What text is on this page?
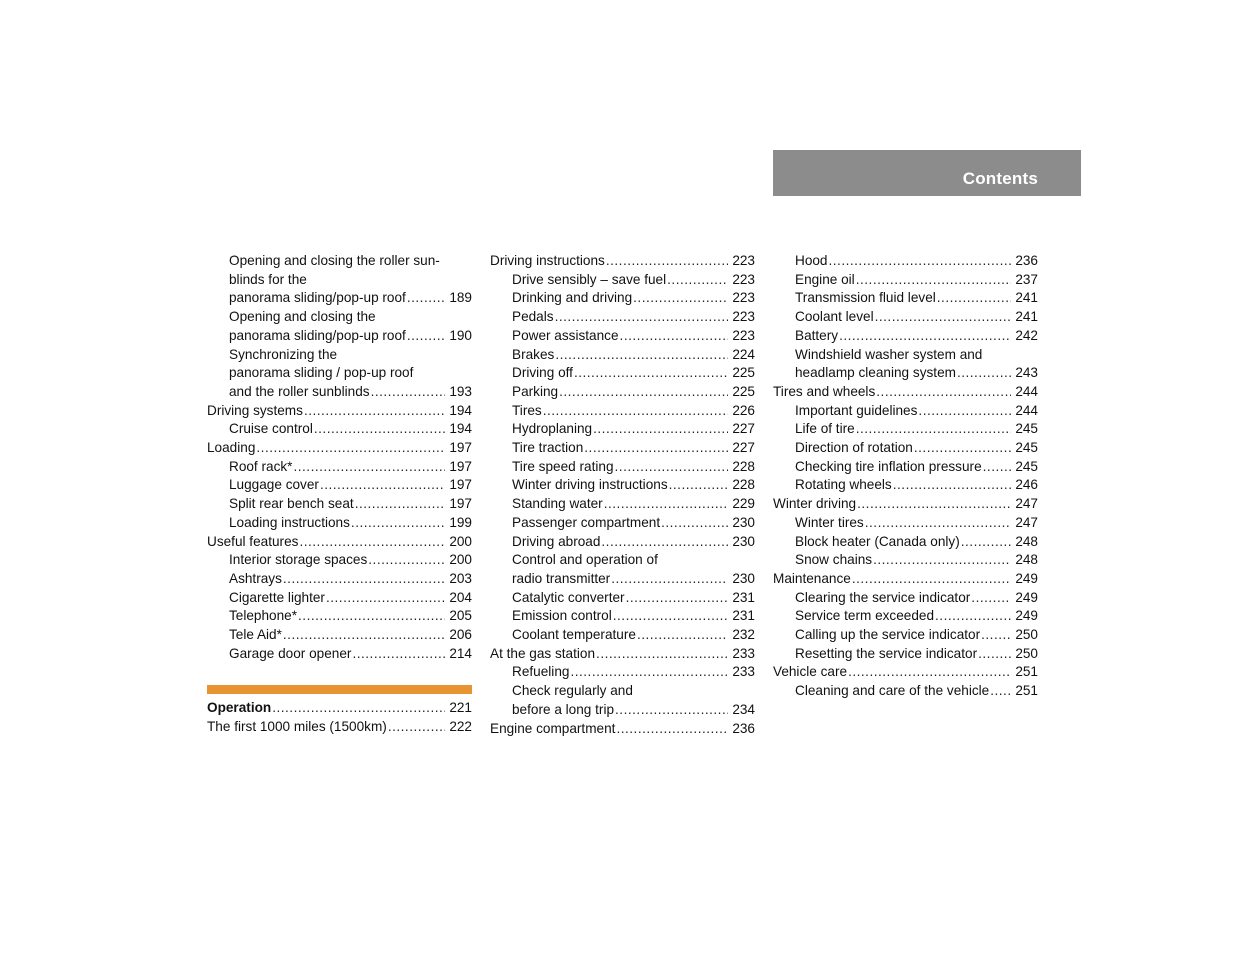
Contents
Opening and closing the roller sun-
blinds for the
panorama sliding/pop-up roof .....	189
Opening and closing the
panorama sliding/pop-up roof .....	190
Synchronizing the
panorama sliding / pop-up roof
and the roller sunblinds .....	193
Driving systems .....	194
Cruise control .....	194
Loading .....	197
Roof rack* .....	197
Luggage cover .....	197
Split rear bench seat .....	197
Loading instructions .....	199
Useful features .....	200
Interior storage spaces .....	200
Ashtrays .....	203
Cigarette lighter .....	204
Telephone* .....	205
Tele Aid* .....	206
Garage door opener .....	214
Operation .....	221
The first 1000 miles (1500km) .....	222
Driving instructions .....	223
Drive sensibly – save fuel .....	223
Drinking and driving .....	223
Pedals .....	223
Power assistance .....	223
Brakes .....	224
Driving off .....	225
Parking .....	225
Tires .....	226
Hydroplaning .....	227
Tire traction .....	227
Tire speed rating .....	228
Winter driving instructions .....	228
Standing water .....	229
Passenger compartment .....	230
Driving abroad .....	230
Control and operation of
radio transmitter .....	230
Catalytic converter .....	231
Emission control .....	231
Coolant temperature .....	232
At the gas station .....	233
Refueling .....	233
Check regularly and
before a long trip .....	234
Engine compartment .....	236
Hood .....	236
Engine oil .....	237
Transmission fluid level .....	241
Coolant level .....	241
Battery .....	242
Windshield washer system and
headlamp cleaning system .....	243
Tires and wheels .....	244
Important guidelines .....	244
Life of tire .....	245
Direction of rotation .....	245
Checking tire inflation pressure ..... 245
Rotating wheels .....	246
Winter driving .....	247
Winter tires .....	247
Block heater (Canada only) .....	248
Snow chains .....	248
Maintenance .....	249
Clearing the service indicator .....	249
Service term exceeded .....	249
Calling up the service indicator .....	250
Resetting the service indicator .....	250
Vehicle care .....	251
Cleaning and care of the vehicle ..... 251
